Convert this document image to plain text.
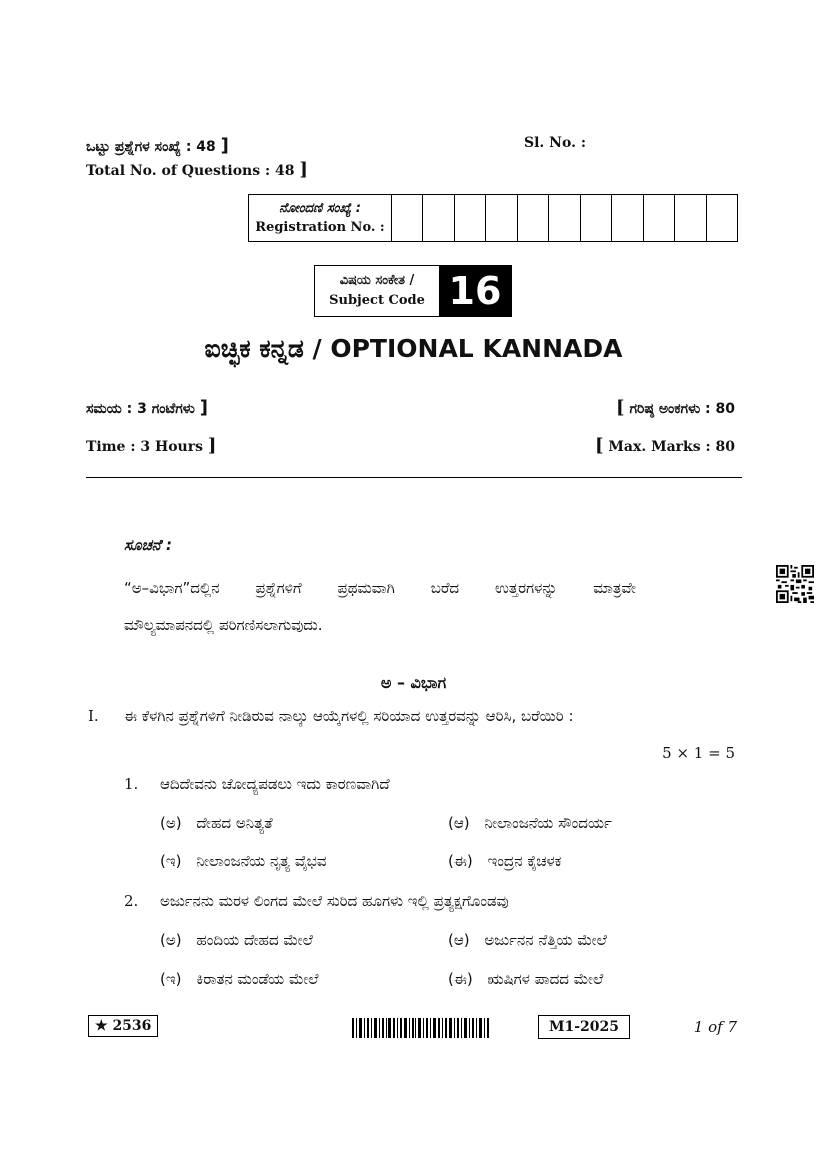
ಒಟ್ಟು ಪ್ರಶ್ನೆಗಳ ಸಂಖ್ಯೆ : 48 ]
Total No. of Questions : 48 ]
Sl. No. :
ನೋಂದಣಿ ಸಂಖ್ಯೆ :
Registration No. :
ವಿಷಯ ಸಂಕೇತ /
Subject Code 16
ಐಚ್ಛಿಕ ಕನ್ನಡ / OPTIONAL KANNADA
ಸಮಯ : 3 ಗಂಟೆಗಳು ]	[ ಗರಿಷ್ಠ ಅಂಕಗಳು : 80
Time : 3 Hours ]	[ Max. Marks : 80
ಸೂಚನೆ :
“ಅ–ವಿಭಾಗ”ದಲ್ಲಿನ ಪ್ರಶ್ನೆಗಳಿಗೆ ಪ್ರಥಮವಾಗಿ ಬರೆದ ಉತ್ತರಗಳನ್ನು ಮಾತ್ರವೇ
ಮೌಲ್ಯಮಾಪನದಲ್ಲಿ ಪರಿಗಣಿಸಲಾಗುವುದು.
ಅ – ವಿಭಾಗ
I. ಈ ಕೆಳಗಿನ ಪ್ರಶ್ನೆಗಳಿಗೆ ನೀಡಿರುವ ನಾಲ್ಕು ಆಯ್ಕೆಗಳಲ್ಲಿ ಸರಿಯಾದ ಉತ್ತರವನ್ನು ಆರಿಸಿ, ಬರೆಯಿರಿ :
5 × 1 = 5
1. ಆದಿದೇವನು ಚೋದ್ಯಪಡಲು ಇದು ಕಾರಣವಾಗಿದೆ
(ಅ) ದೇಹದ ಅನಿತ್ಯತೆ	(ಆ) ನೀಲಾಂಜನೆಯ ಸೌಂದರ್ಯ
(ಇ) ನೀಲಾಂಜನೆಯ ನೃತ್ಯ ವೈಭವ	(ಈ) ಇಂದ್ರನ ಕೈಚಳಕ
2. ಅರ್ಜುನನು ಮರಳ ಲಿಂಗದ ಮೇಲೆ ಸುರಿದ ಹೂಗಳು ಇಲ್ಲಿ ಪ್ರತ್ಯಕ್ಷಗೊಂಡವು
(ಅ) ಹಂದಿಯ ದೇಹದ ಮೇಲೆ	(ಆ) ಅರ್ಜುನನ ನೆತ್ತಿಯ ಮೇಲೆ
(ಇ) ಕಿರಾತನ ಮಂಡೆಯ ಮೇಲೆ	(ಈ) ಋಷಿಗಳ ಪಾದದ ಮೇಲೆ
★ 2536	M1-2025	1 of 7
